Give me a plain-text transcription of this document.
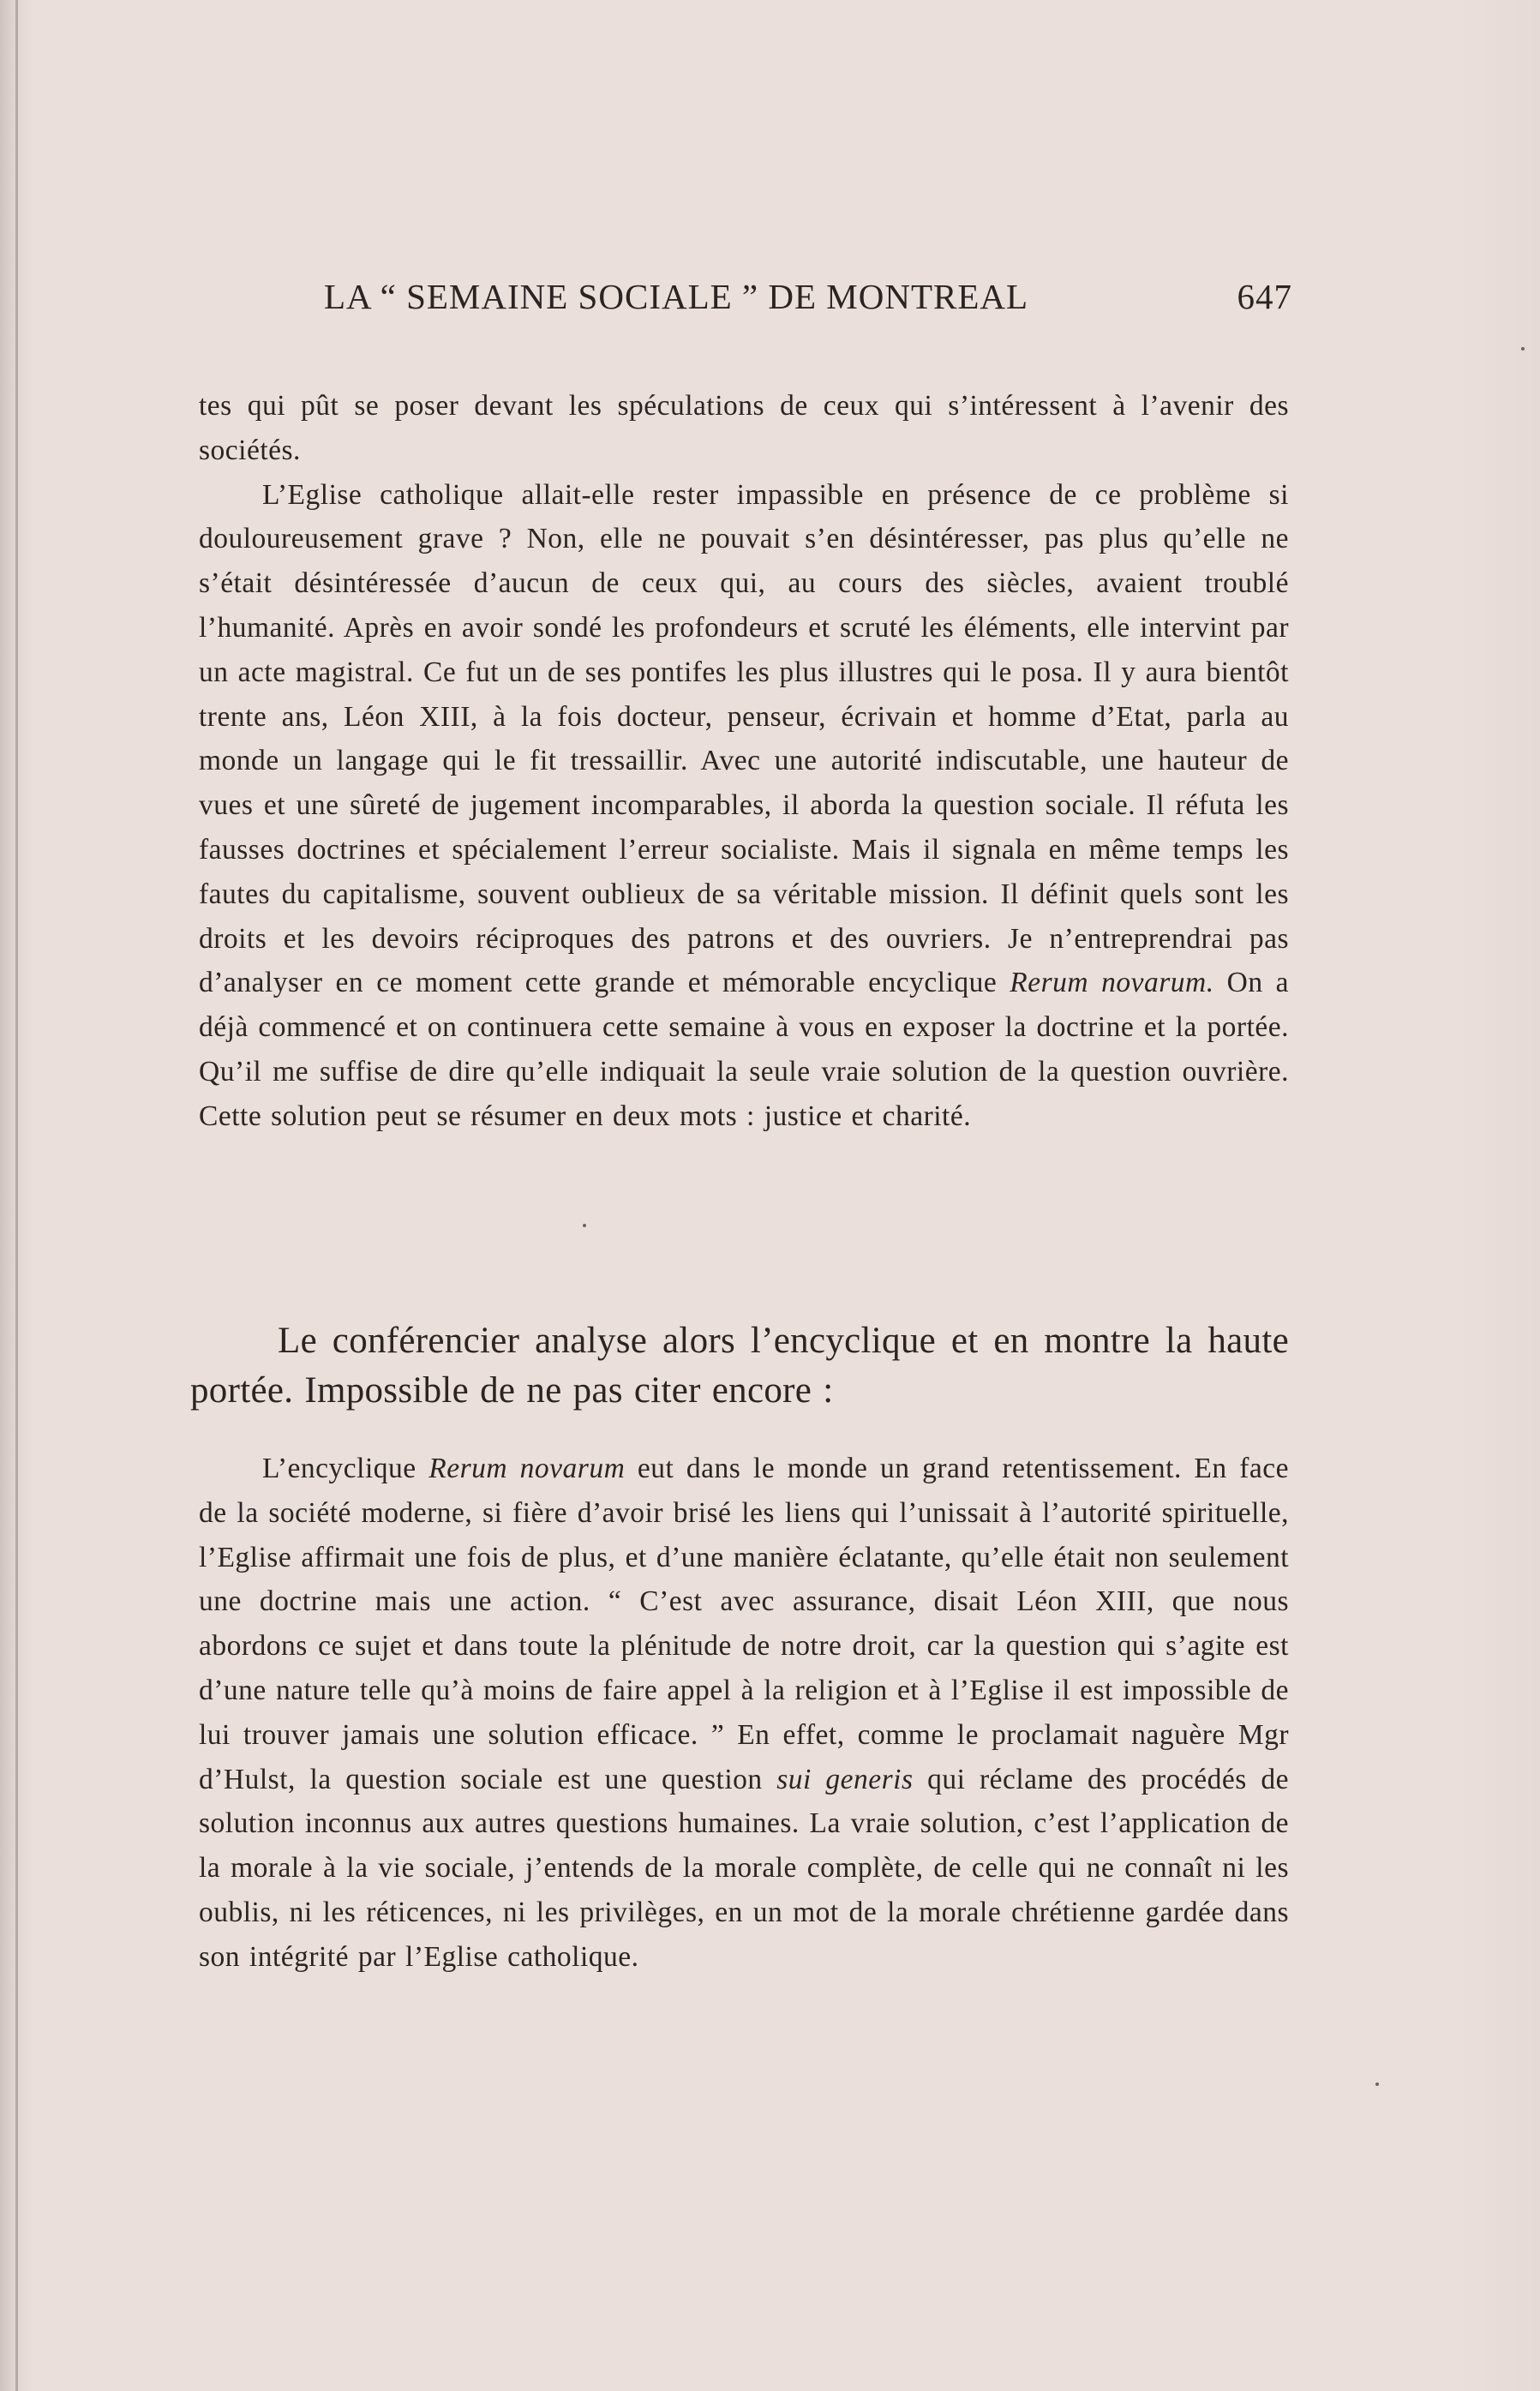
LA “ SEMAINE SOCIALE ” DE MONTREAL	647

tes qui pût se poser devant les spéculations de ceux qui s’intéressent à l’avenir des sociétés.

L’Eglise catholique allait-elle rester impassible en présence de ce problème si douloureusement grave ? Non, elle ne pouvait s’en désintéresser, pas plus qu’elle ne s’était désintéressée d’aucun de ceux qui, au cours des siècles, avaient troublé l’humanité. Après en avoir sondé les profondeurs et scruté les éléments, elle intervint par un acte magistral. Ce fut un de ses pontifes les plus illustres qui le posa. Il y aura bientôt trente ans, Léon XIII, à la fois docteur, penseur, écrivain et homme d’Etat, parla au monde un langage qui le fit tressaillir. Avec une autorité indiscutable, une hauteur de vues et une sûreté de jugement incomparables, il aborda la question sociale. Il réfuta les fausses doctrines et spécialement l’erreur socialiste. Mais il signala en même temps les fautes du capitalisme, souvent oublieux de sa véritable mission. Il définit quels sont les droits et les devoirs réciproques des patrons et des ouvriers. Je n’entreprendrai pas d’analyser en ce moment cette grande et mémorable encyclique Rerum novarum. On a déjà commencé et on continuera cette semaine à vous en exposer la doctrine et la portée. Qu’il me suffise de dire qu’elle indiquait la seule vraie solution de la question ouvrière. Cette solution peut se résumer en deux mots : justice et charité.

Le conférencier analyse alors l’encyclique et en montre la haute portée. Impossible de ne pas citer encore :

L’encyclique Rerum novarum eut dans le monde un grand retentissement. En face de la société moderne, si fière d’avoir brisé les liens qui l’unissait à l’autorité spirituelle, l’Eglise affirmait une fois de plus, et d’une manière éclatante, qu’elle était non seulement une doctrine mais une action. “ C’est avec assurance, disait Léon XIII, que nous abordons ce sujet et dans toute la plénitude de notre droit, car la question qui s’agite est d’une nature telle qu’à moins de faire appel à la religion et à l’Eglise il est impossible de lui trouver jamais une solution efficace. ” En effet, comme le proclamait naguère Mgr d’Hulst, la question sociale est une question sui generis qui réclame des procédés de solution inconnus aux autres questions humaines. La vraie solution, c’est l’application de la morale à la vie sociale, j’entends de la morale complète, de celle qui ne connaît ni les oublis, ni les réticences, ni les privilèges, en un mot de la morale chrétienne gardée dans son intégrité par l’Eglise catholique.
